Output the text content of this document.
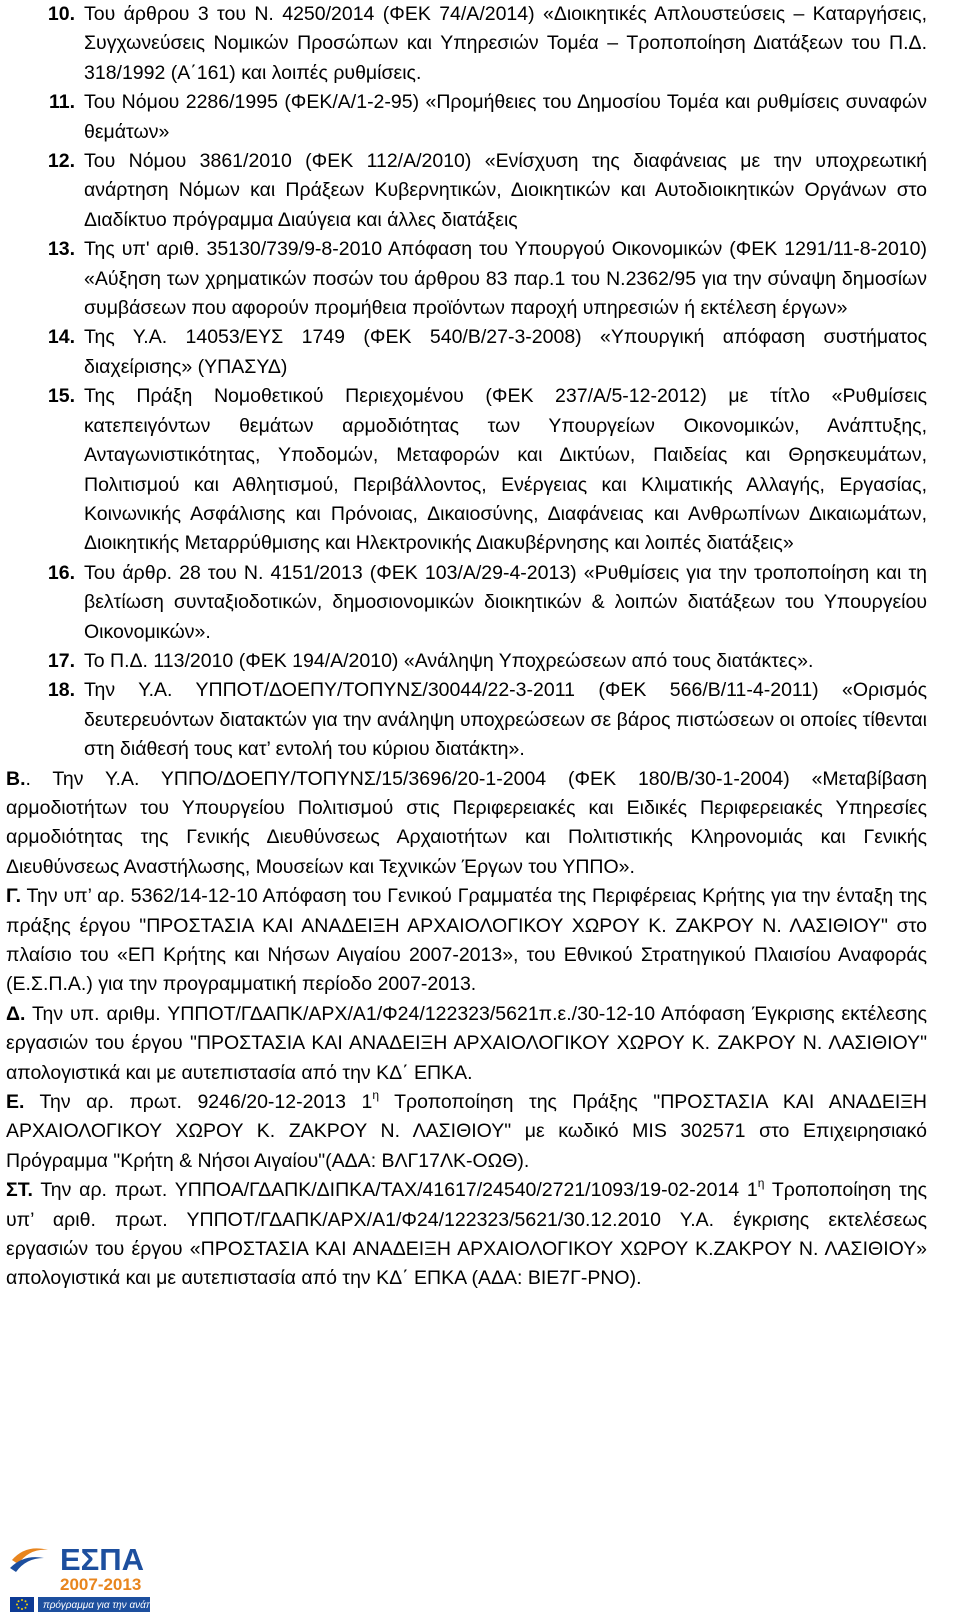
10. Του άρθρου 3 του Ν. 4250/2014 (ΦΕΚ 74/Α/2014) «Διοικητικές Απλουστεύσεις – Καταργήσεις, Συγχωνεύσεις Νομικών Προσώπων και Υπηρεσιών Τομέα – Τροποποίηση Διατάξεων του Π.Δ. 318/1992 (Α΄161) και λοιπές ρυθμίσεις.
11. Του Νόμου 2286/1995 (ΦΕΚ/Α/1-2-95) «Προμήθειες του Δημοσίου Τομέα και ρυθμίσεις συναφών θεμάτων»
12. Του Νόμου 3861/2010 (ΦΕΚ 112/Α/2010) «Ενίσχυση της διαφάνειας με την υποχρεωτική ανάρτηση Νόμων και Πράξεων Κυβερνητικών, Διοικητικών και Αυτοδιοικητικών Οργάνων στο Διαδίκτυο πρόγραμμα Διαύγεια και άλλες διατάξεις
13. Της υπ' αριθ. 35130/739/9-8-2010 Απόφαση του Υπουργού Οικονομικών (ΦΕΚ 1291/11-8-2010) «Αύξηση των χρηματικών ποσών του άρθρου 83 παρ.1 του Ν.2362/95 για την σύναψη δημοσίων συμβάσεων που αφορούν προμήθεια προϊόντων παροχή υπηρεσιών ή εκτέλεση έργων»
14. Της Υ.Α. 14053/ΕΥΣ 1749 (ΦΕΚ 540/Β/27-3-2008) «Υπουργική απόφαση συστήματος διαχείρισης» (ΥΠΑΣΥΔ)
15. Της Πράξη Νομοθετικού Περιεχομένου (ΦΕΚ 237/Α/5-12-2012) με τίτλο «Ρυθμίσεις κατεπειγόντων θεμάτων αρμοδιότητας των Υπουργείων Οικονομικών, Ανάπτυξης, Ανταγωνιστικότητας, Υποδομών, Μεταφορών και Δικτύων, Παιδείας και Θρησκευμάτων, Πολιτισμού και Αθλητισμού, Περιβάλλοντος, Ενέργειας και Κλιματικής Αλλαγής, Εργασίας, Κοινωνικής Ασφάλισης και Πρόνοιας, Δικαιοσύνης, Διαφάνειας και Ανθρωπίνων Δικαιωμάτων, Διοικητικής Μεταρρύθμισης και Ηλεκτρονικής Διακυβέρνησης και λοιπές διατάξεις»
16. Του άρθρ. 28 του Ν. 4151/2013 (ΦΕΚ 103/Α/29-4-2013) «Ρυθμίσεις για την τροποποίηση και τη βελτίωση συνταξιοδοτικών, δημοσιονομικών διοικητικών & λοιπών διατάξεων του Υπουργείου Οικονομικών».
17. Το Π.Δ. 113/2010 (ΦΕΚ 194/Α/2010) «Ανάληψη Υποχρεώσεων από τους διατάκτες».
18. Την Υ.Α. ΥΠΠΟΤ/ΔΟΕΠΥ/ΤΟΠΥΝΣ/30044/22-3-2011 (ΦΕΚ 566/Β/11-4-2011) «Ορισμός δευτερευόντων διατακτών για την ανάληψη υποχρεώσεων σε βάρος πιστώσεων οι οποίες τίθενται στη διάθεσή τους κατ’ εντολή του κύριου διατάκτη».

Β.. Την Υ.Α. ΥΠΠΟ/ΔΟΕΠΥ/ΤΟΠΥΝΣ/15/3696/20-1-2004 (ΦΕΚ 180/Β/30-1-2004) «Μεταβίβαση αρμοδιοτήτων του Υπουργείου Πολιτισμού στις Περιφερειακές και Ειδικές Περιφερειακές Υπηρεσίες αρμοδιότητας της Γενικής Διευθύνσεως Αρχαιοτήτων και Πολιτιστικής Κληρονομιάς και Γενικής Διευθύνσεως Αναστήλωσης, Μουσείων και Τεχνικών Έργων του ΥΠΠΟ».

Γ. Την υπ’ αρ. 5362/14-12-10 Απόφαση του Γενικού Γραμματέα της Περιφέρειας Κρήτης για την ένταξη της πράξης έργου "ΠΡΟΣΤΑΣΙΑ ΚΑΙ ΑΝΑΔΕΙΞΗ ΑΡΧΑΙΟΛΟΓΙΚΟΥ ΧΩΡΟΥ Κ. ΖΑΚΡΟΥ Ν. ΛΑΣΙΘΙΟΥ" στο πλαίσιο του «ΕΠ Κρήτης και Νήσων Αιγαίου 2007-2013», του Εθνικού Στρατηγικού Πλαισίου Αναφοράς (Ε.Σ.Π.Α.) για την προγραμματική περίοδο 2007-2013.

Δ. Την υπ. αριθμ. ΥΠΠΟΤ/ΓΔΑΠΚ/ΑΡΧ/Α1/Φ24/122323/5621π.ε./30-12-10 Απόφαση Έγκρισης εκτέλεσης εργασιών του έργου "ΠΡΟΣΤΑΣΙΑ ΚΑΙ ΑΝΑΔΕΙΞΗ ΑΡΧΑΙΟΛΟΓΙΚΟΥ ΧΩΡΟΥ Κ. ΖΑΚΡΟΥ Ν. ΛΑΣΙΘΙΟΥ" απολογιστικά και με αυτεπιστασία από την ΚΔ΄ ΕΠΚΑ.

Ε. Την αρ. πρωτ. 9246/20-12-2013 $1^\eta$ Τροποποίηση της Πράξης "ΠΡΟΣΤΑΣΙΑ ΚΑΙ ΑΝΑΔΕΙΞΗ ΑΡΧΑΙΟΛΟΓΙΚΟΥ ΧΩΡΟΥ Κ. ΖΑΚΡΟΥ Ν. ΛΑΣΙΘΙΟΥ" με κωδικό MIS 302571 στο Επιχειρησιακό Πρόγραμμα "Κρήτη & Νήσοι Αιγαίου"(ΑΔΑ: ΒΛΓ17ΛΚ-ΟΩΘ).

ΣΤ. Την αρ. πρωτ. ΥΠΠΟΑ/ΓΔΑΠΚ/ΔΙΠΚΑ/ΤΑΧ/41617/24540/2721/1093/19-02-2014 $1^\eta$ Τροποποίηση της υπ’ αριθ. πρωτ. ΥΠΠΟΤ/ΓΔΑΠΚ/ΑΡΧ/Α1/Φ24/122323/5621/30.12.2010 Υ.Α. έγκρισης εκτελέσεως εργασιών του έργου «ΠΡΟΣΤΑΣΙΑ ΚΑΙ ΑΝΑΔΕΙΞΗ ΑΡΧΑΙΟΛΟΓΙΚΟΥ ΧΩΡΟΥ Κ.ΖΑΚΡΟΥ Ν. ΛΑΣΙΘΙΟΥ» απολογιστικά και με αυτεπιστασία από την ΚΔ΄ ΕΠΚΑ (ΑΔΑ: ΒΙΕ7Γ-ΡΝΟ).

ΕΣΠΑ
2007-2013
πρόγραμμα για την ανάπτυξη
